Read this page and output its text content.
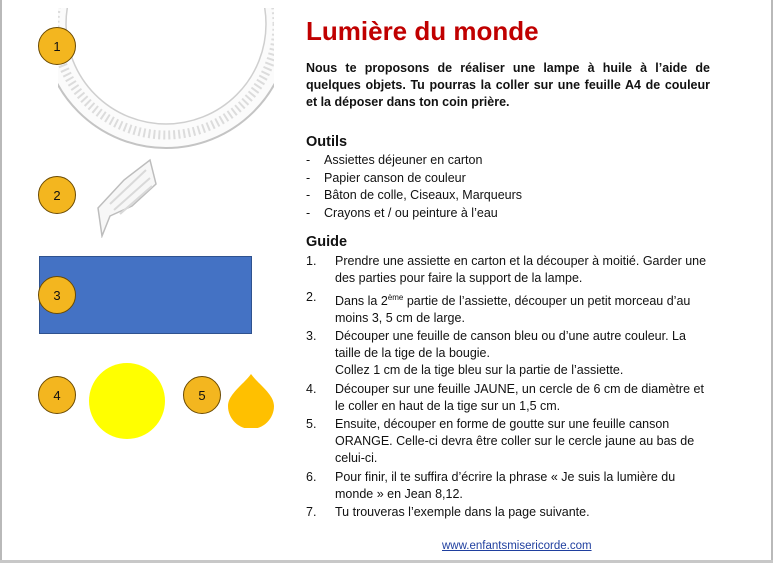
1
2
3
4	5
Lumière du monde
Nous te proposons de réaliser une lampe à huile à l’aide de quelques objets. Tu pourras la coller sur une feuille A4 de couleur et la déposer dans ton coin prière.
Outils
-	Assiettes déjeuner en carton
-	Papier canson de couleur
-	Bâton de colle, Ciseaux, Marqueurs
-	Crayons et / ou peinture à l’eau
Guide
1.	Prendre une assiette en carton et la découper à moitié. Garder une des parties pour faire la support de la lampe.
2.	Dans la 2ème partie de l’assiette, découper un petit morceau d’au moins 3, 5 cm de large.
3.	Découper une feuille de canson bleu ou d’une autre couleur. La taille de la tige de la bougie.
Collez 1 cm de la tige bleu sur la partie de l’assiette.
4.	Découper sur une feuille JAUNE, un cercle de 6 cm de diamètre et le coller en haut de la tige sur un 1,5 cm.
5.	Ensuite, découper en forme de goutte sur une feuille canson ORANGE. Celle-ci devra être coller sur le cercle jaune au bas de celui-ci.
6.	Pour finir, il te suffira d’écrire la phrase « Je suis la lumière du monde » en Jean 8,12.
7.	Tu trouveras l’exemple dans la page suivante.
www.enfantsmisericorde.com
